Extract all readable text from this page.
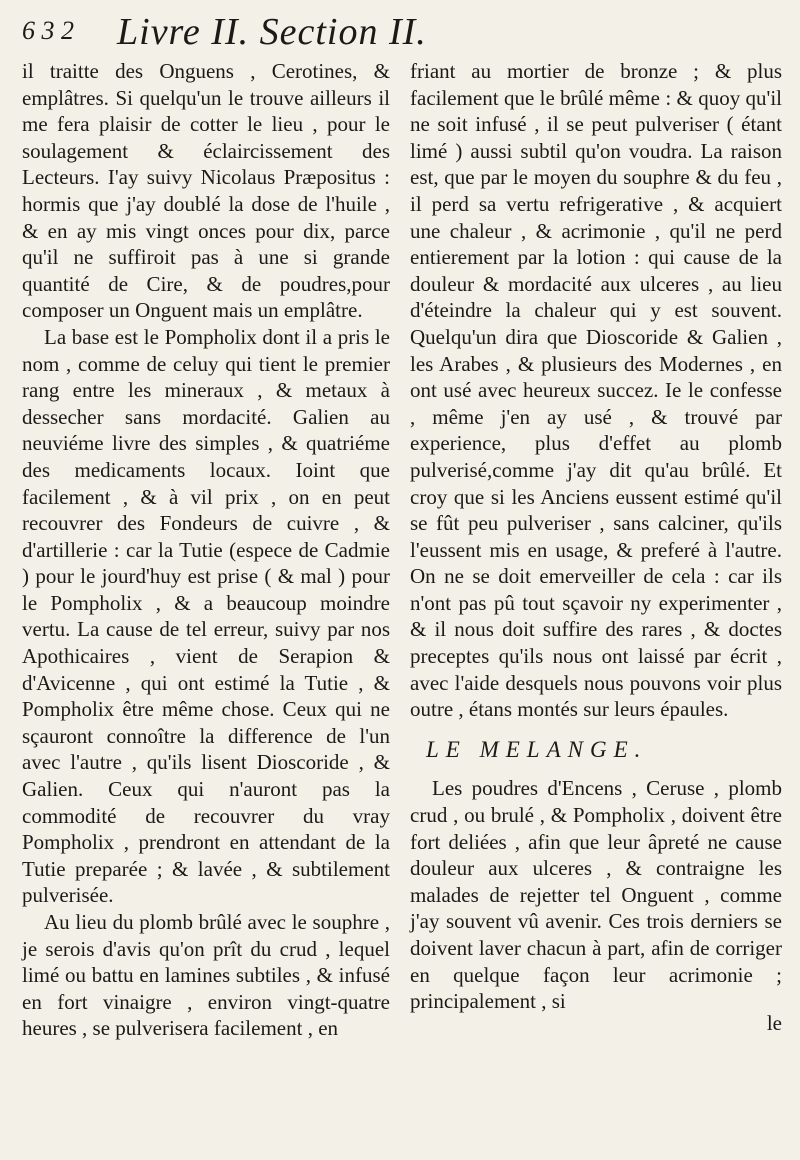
6 3 2 Livre II. Section II.

il traitte des Onguens , Cerotines, & emplâtres. Si quelqu'un le trouve ailleurs il me fera plaisir de cotter le lieu , pour le soulagement & éclaircissement des Lecteurs. I'ay suivy Nicolaus Præpositus : hormis que j'ay doublé la dose de l'huile , & en ay mis vingt onces pour dix, parce qu'il ne suffiroit pas à une si grande quantité de Cire, & de poudres,pour composer un Onguent mais un emplâtre.

La base est le Pompholix dont il a pris le nom , comme de celuy qui tient le premier rang entre les mineraux , & metaux à dessecher sans mordacité. Galien au neuviéme livre des simples , & quatriéme des medicaments locaux. Ioint que facilement , & à vil prix , on en peut recouvrer des Fondeurs de cuivre , & d'artillerie : car la Tutie (espece de Cadmie ) pour le jourd'huy est prise ( & mal ) pour le Pompholix , & a beaucoup moindre vertu. La cause de tel erreur, suivy par nos Apothicaires , vient de Serapion & d'Avicenne , qui ont estimé la Tutie , & Pompholix être même chose. Ceux qui ne sçauront connoître la difference de l'un avec l'autre , qu'ils lisent Dioscoride , & Galien. Ceux qui n'auront pas la commodité de recouvrer du vray Pompholix , prendront en attendant de la Tutie preparée ; & lavée , & subtilement pulverisée.

Au lieu du plomb brûlé avec le souphre , je serois d'avis qu'on prît du crud , lequel limé ou battu en lamines subtiles , & infusé en fort vinaigre , environ vingt-quatre heures , se pulverisera facilement , en

friant au mortier de bronze ; & plus facilement que le brûlé même : & quoy qu'il ne soit infusé , il se peut pulveriser ( étant limé ) aussi subtil qu'on voudra. La raison est, que par le moyen du souphre & du feu , il perd sa vertu refrigerative , & acquiert une chaleur , & acrimonie , qu'il ne perd entierement par la lotion : qui cause de la douleur & mordacité aux ulceres , au lieu d'éteindre la chaleur qui y est souvent. Quelqu'un dira que Dioscoride & Galien , les Arabes , & plusieurs des Modernes , en ont usé avec heureux succez. Ie le confesse , même j'en ay usé , & trouvé par experience, plus d'effet au plomb pulverisé,comme j'ay dit qu'au brûlé. Et croy que si les Anciens eussent estimé qu'il se fût peu pulveriser , sans calciner, qu'ils l'eussent mis en usage, & preferé à l'autre. On ne se doit emerveiller de cela : car ils n'ont pas pû tout sçavoir ny experimenter , & il nous doit suffire des rares , & doctes preceptes qu'ils nous ont laissé par écrit , avec l'aide desquels nous pouvons voir plus outre , étans montés sur leurs épaules.

LE MELANGE.

Les poudres d'Encens , Ceruse , plomb crud , ou brulé , & Pompholix , doivent être fort deliées , afin que leur âpreté ne cause douleur aux ulceres , & contraigne les malades de rejetter tel Onguent , comme j'ay souvent vû avenir. Ces trois derniers se doivent laver chacun à part, afin de corriger en quelque façon leur acrimonie ; principalement , si

le
